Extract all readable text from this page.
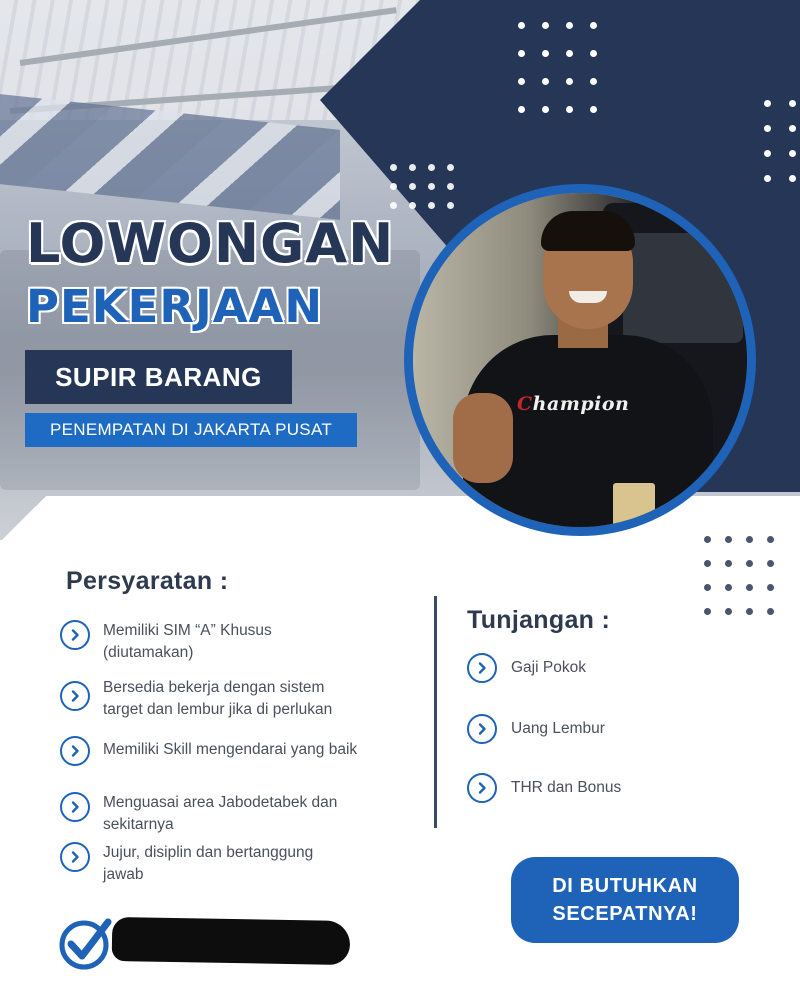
LOWONGAN
PEKERJAAN
SUPIR BARANG
PENEMPATAN DI JAKARTA PUSAT
Champion
Persyaratan :
Memiliki SIM “A” Khusus
(diutamakan)
Bersedia bekerja dengan sistem
target dan lembur jika di perlukan
Memiliki Skill mengendarai yang baik
Menguasai area Jabodetabek dan
sekitarnya
Jujur, disiplin dan bertanggung
jawab
Tunjangan :
Gaji Pokok
Uang Lembur
THR dan Bonus
DI BUTUHKAN
SECEPATNYA!
